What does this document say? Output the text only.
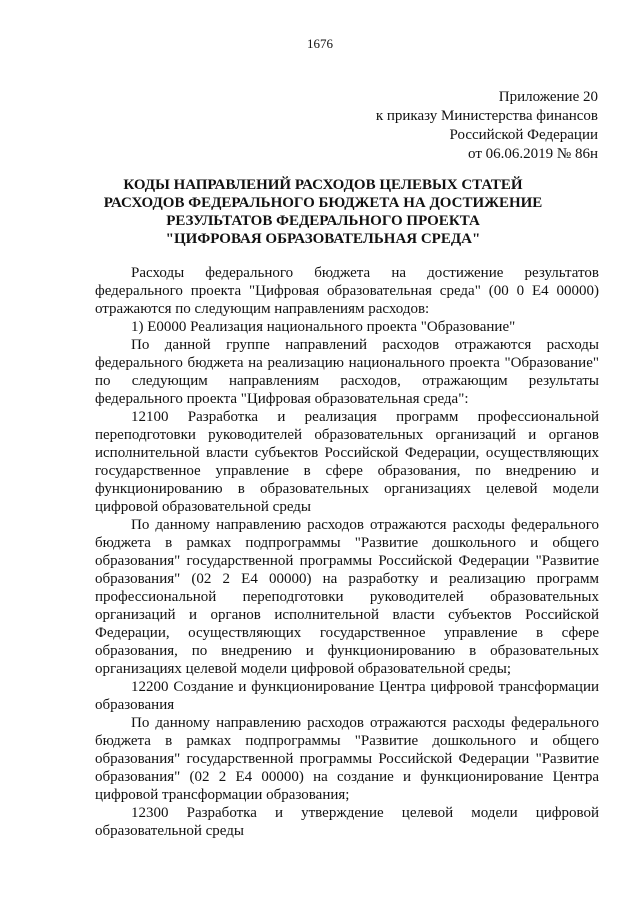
1676
Приложение 20
к приказу Министерства финансов
Российской Федерации
от 06.06.2019 № 86н
КОДЫ НАПРАВЛЕНИЙ РАСХОДОВ ЦЕЛЕВЫХ СТАТЕЙ
РАСХОДОВ ФЕДЕРАЛЬНОГО БЮДЖЕТА НА ДОСТИЖЕНИЕ
РЕЗУЛЬТАТОВ ФЕДЕРАЛЬНОГО ПРОЕКТА
"ЦИФРОВАЯ ОБРАЗОВАТЕЛЬНАЯ СРЕДА"

Расходы федерального бюджета на достижение результатов федерального проекта "Цифровая образовательная среда" (00 0 Е4 00000) отражаются по следующим направлениям расходов:

1) Е0000 Реализация национального проекта "Образование"

По данной группе направлений расходов отражаются расходы федерального бюджета на реализацию национального проекта "Образование" по следующим направлениям расходов, отражающим результаты федерального проекта "Цифровая образовательная среда":

12100 Разработка и реализация программ профессиональной переподготовки руководителей образовательных организаций и органов исполнительной власти субъектов Российской Федерации, осуществляющих государственное управление в сфере образования, по внедрению и функционированию в образовательных организациях целевой модели цифровой образовательной среды

По данному направлению расходов отражаются расходы федерального бюджета в рамках подпрограммы "Развитие дошкольного и общего образования" государственной программы Российской Федерации "Развитие образования" (02 2 Е4 00000) на разработку и реализацию программ профессиональной переподготовки руководителей образовательных организаций и органов исполнительной власти субъектов Российской Федерации, осуществляющих государственное управление в сфере образования, по внедрению и функционированию в образовательных организациях целевой модели цифровой образовательной среды;

12200 Создание и функционирование Центра цифровой трансформации образования

По данному направлению расходов отражаются расходы федерального бюджета в рамках подпрограммы "Развитие дошкольного и общего образования" государственной программы Российской Федерации "Развитие образования" (02 2 Е4 00000) на создание и функционирование Центра цифровой трансформации образования;

12300 Разработка и утверждение целевой модели цифровой образовательной среды
